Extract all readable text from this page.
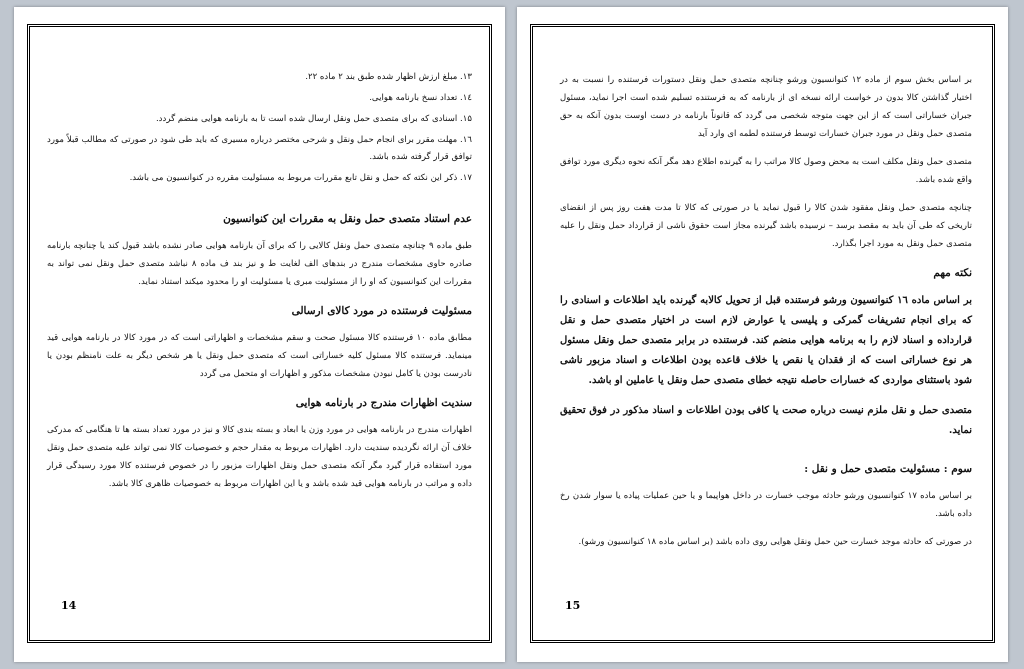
۱۳. مبلغ ارزش اظهار شده طبق بند ۲ ماده ۲۲.
۱٤. تعداد نسخ بارنامه هوایی.
۱۵. اسنادی که برای متصدی حمل ونقل ارسال شده است تا به بارنامه هوایی منضم گردد.
۱٦. مهلت مقرر برای انجام حمل ونقل و شرحی مختصر درباره مسیری که باید طی شود در صورتی که مطالب قبلاً مورد توافق قرار گرفته شده باشد.
۱۷. ذکر این نکته که حمل و نقل تابع مقررات مربوط به مسئولیت مقرره در کنوانسیون می باشد.
عدم استناد متصدی حمل ونقل به مقررات این کنوانسیون

طبق ماده ۹ چنانچه متصدی حمل ونقل کالایی را که برای آن بارنامه هوایی صادر نشده باشد قبول کند یا چنانچه بارنامه صادره حاوی مشخصات مندرج در بندهای الف لغایت ط و نیز بند ف ماده ۸ نباشد متصدی حمل ونقل نمی تواند به مقررات این کنوانسیون که او را از مسئولیت مبری یا مسئولیت او را محدود میکند استناد نماید.

مسئولیت فرستنده در مورد کالای ارسالی

مطابق ماده ۱۰ فرستنده کالا مسئول صحت و سقم مشخصات و اظهاراتی است که در مورد کالا در بارنامه هوایی قید مینماید. فرستنده کالا مسئول کلیه خساراتی است که متصدی حمل ونقل یا هر شخص دیگر به علت نامنظم بودن یا نادرست بودن یا کامل نبودن مشخصات مذکور و اظهارات او متحمل می گردد

سندیت اظهارات مندرج در بارنامه هوایی

اظهارات مندرج در بارنامه هوایی در مورد وزن یا ابعاد و بسته بندی کالا و نیز در مورد تعداد بسته ها تا هنگامی که مدرکی خلاف آن ارائه نگردیده سندیت دارد. اظهارات مربوط به مقدار حجم و خصوصیات کالا نمی تواند علیه متصدی حمل ونقل مورد استفاده قرار گیرد مگر آنکه متصدی حمل ونقل اظهارات مزبور را در خصوص فرستنده کالا مورد رسیدگی قرار داده و مراتب در بارنامه هوایی قید شده باشد و یا این اظهارات مربوط به خصوصیات ظاهری کالا باشد.

14

بر اساس بخش سوم از ماده ۱۲ کنوانسیون ورشو چنانچه متصدی حمل ونقل دستورات فرستنده را نسبت به در اختیار گذاشتن کالا بدون در خواست ارائه نسخه ای از بارنامه که به فرستنده تسلیم شده است اجرا نماید، مسئول جبران خساراتی است که از این جهت متوجه شخصی می گردد که قانوناً بارنامه در دست اوست بدون آنکه به حق متصدی حمل ونقل در مورد جبران خسارات توسط فرستنده لطمه ای وارد آید

متصدی حمل ونقل مکلف است به محض وصول کالا مراتب را به گیرنده اطلاع دهد مگر آنکه نحوه دیگری مورد توافق واقع شده باشد.

چنانچه متصدی حمل ونقل مفقود شدن کالا را قبول نماید یا در صورتی که کالا تا مدت هفت روز پس از انقضای تاریخی که طی آن باید به مقصد برسد – نرسیده باشد گیرنده مجاز است حقوق ناشی از قرارداد حمل ونقل را علیه متصدی حمل ونقل به مورد اجرا بگذارد.

نکته مهم

بر اساس ماده ۱٦ کنوانسیون ورشو فرستنده قبل از تحویل کالابه گیرنده باید اطلاعات و اسنادی را که برای انجام تشریفات گمرکی و پلیسی یا عوارض لازم است در اختیار متصدی حمل و نقل قرارداده و اسناد لازم را به برنامه هوایی منضم کند. فرستنده در برابر متصدی حمل ونقل مسئول هر نوع خساراتی است که از فقدان یا نقص یا خلاف قاعده بودن اطلاعات و اسناد مزبور ناشی شود باستثنای مواردی که خسارات حاصله نتیجه خطای متصدی حمل ونقل یا عاملین او باشد.

متصدی حمل و نقل ملزم نیست درباره صحت یا کافی بودن اطلاعات و اسناد مذکور در فوق تحقیق نماید.

سوم : مسئولیت متصدی حمل و نقل :

بر اساس ماده ۱۷ کنوانسیون ورشو حادثه موجب خسارت در داخل هواپیما و یا حین عملیات پیاده یا سوار شدن رخ داده باشد.

در صورتی که حادثه موجد خسارت حین حمل ونقل هوایی روی داده باشد (بر اساس ماده ۱۸ کنوانسیون ورشو).

15
